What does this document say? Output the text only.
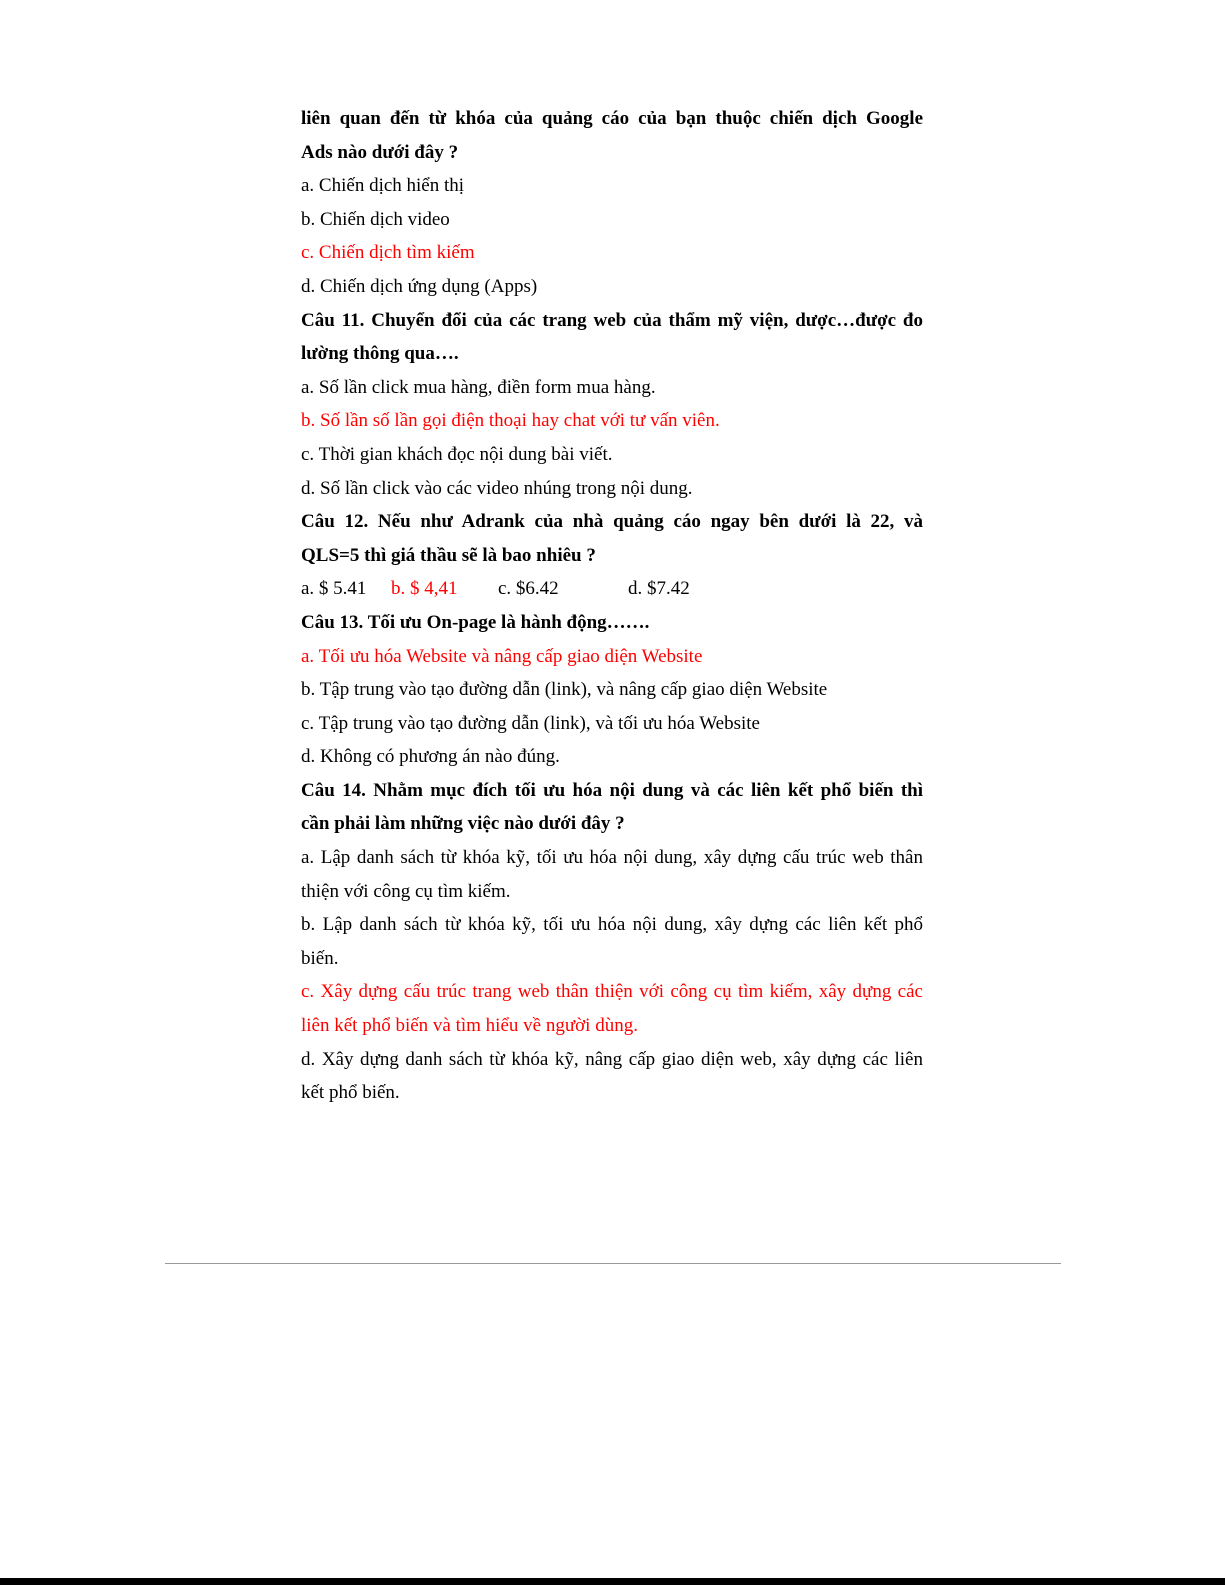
liên quan đến từ khóa của quảng cáo của bạn thuộc chiến dịch Google
Ads nào dưới đây ?
a. Chiến dịch hiển thị
b. Chiến dịch video
c. Chiến dịch tìm kiếm
d. Chiến dịch ứng dụng (Apps)
Câu 11. Chuyển đổi của các trang web của thẩm mỹ viện, dược…được đo
lường thông qua….
a. Số lần click mua hàng, điền form mua hàng.
b. Số lần số lần gọi điện thoại hay chat với tư vấn viên.
c. Thời gian khách đọc nội dung bài viết.
d. Số lần click vào các video nhúng trong nội dung.
Câu 12. Nếu như Adrank của nhà quảng cáo ngay bên dưới là 22, và
QLS=5 thì giá thầu sẽ là bao nhiêu ?
a. $ 5.41 b. $ 4,41 c. $6.42	d. $7.42
Câu 13. Tối ưu On-page là hành động…….
a. Tối ưu hóa Website và nâng cấp giao diện Website
b. Tập trung vào tạo đường dẫn (link), và nâng cấp giao diện Website
c. Tập trung vào tạo đường dẫn (link), và tối ưu hóa Website
d. Không có phương án nào đúng.
Câu 14. Nhằm mục đích tối ưu hóa nội dung và các liên kết phổ biến thì
cần phải làm những việc nào dưới đây ?
a. Lập danh sách từ khóa kỹ, tối ưu hóa nội dung, xây dựng cấu trúc web thân
thiện với công cụ tìm kiếm.
b. Lập danh sách từ khóa kỹ, tối ưu hóa nội dung, xây dựng các liên kết phổ
biến.
c. Xây dựng cấu trúc trang web thân thiện với công cụ tìm kiếm, xây dựng các
liên kết phổ biến và tìm hiểu về người dùng.
d. Xây dựng danh sách từ khóa kỹ, nâng cấp giao diện web, xây dựng các liên
kết phổ biến.
